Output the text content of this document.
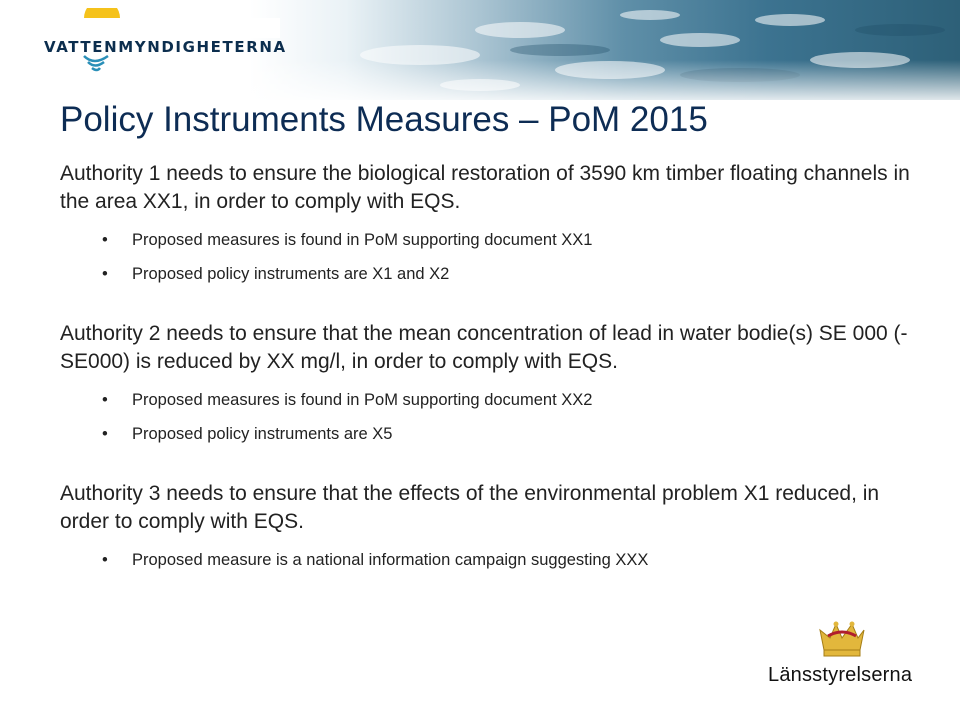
VATTENMYNDIGHETERNA
Policy Instruments Measures – PoM 2015

Authority 1 needs to ensure the biological restoration of 3590 km timber floating channels in the area XX1, in order to comply with EQS.

• Proposed measures is found in PoM supporting document XX1
• Proposed policy instruments are X1 and X2

Authority 2 needs to ensure that the mean concentration of lead in water bodie(s) SE 000 (- SE000) is reduced by XX mg/l, in order to comply with EQS.

• Proposed measures is found in PoM supporting document XX2
• Proposed policy instruments are X5

Authority 3 needs to ensure that the effects of the environmental problem X1 reduced, in order to comply with EQS.

• Proposed measure is a national information campaign suggesting XXX
Länsstyrelserna
